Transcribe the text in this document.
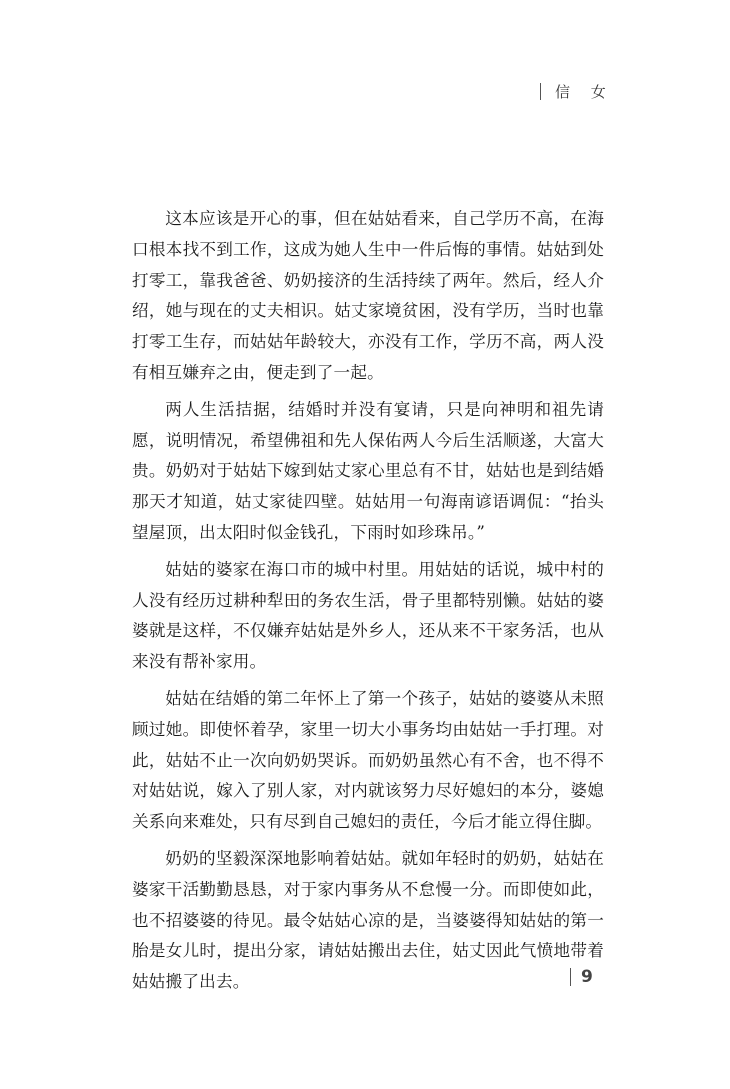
信 女

这本应该是开心的事，但在姑姑看来，自己学历不高，在海口根本找不到工作，这成为她人生中一件后悔的事情。姑姑到处打零工，靠我爸爸、奶奶接济的生活持续了两年。然后，经人介绍，她与现在的丈夫相识。姑丈家境贫困，没有学历，当时也靠打零工生存，而姑姑年龄较大，亦没有工作，学历不高，两人没有相互嫌弃之由，便走到了一起。

两人生活拮据，结婚时并没有宴请，只是向神明和祖先请愿，说明情况，希望佛祖和先人保佑两人今后生活顺遂，大富大贵。奶奶对于姑姑下嫁到姑丈家心里总有不甘，姑姑也是到结婚那天才知道，姑丈家徒四壁。姑姑用一句海南谚语调侃：“抬头望屋顶，出太阳时似金钱孔，下雨时如珍珠吊。”

姑姑的婆家在海口市的城中村里。用姑姑的话说，城中村的人没有经历过耕种犁田的务农生活，骨子里都特别懒。姑姑的婆婆就是这样，不仅嫌弃姑姑是外乡人，还从来不干家务活，也从来没有帮补家用。

姑姑在结婚的第二年怀上了第一个孩子，姑姑的婆婆从未照顾过她。即使怀着孕，家里一切大小事务均由姑姑一手打理。对此，姑姑不止一次向奶奶哭诉。而奶奶虽然心有不舍，也不得不对姑姑说，嫁入了别人家，对内就该努力尽好媳妇的本分，婆媳关系向来难处，只有尽到自己媳妇的责任，今后才能立得住脚。

奶奶的坚毅深深地影响着姑姑。就如年轻时的奶奶，姑姑在婆家干活勤勤恳恳，对于家内事务从不怠慢一分。而即使如此，也不招婆婆的待见。最令姑姑心凉的是，当婆婆得知姑姑的第一胎是女儿时，提出分家，请姑姑搬出去住，姑丈因此气愤地带着姑姑搬了出去。	9
